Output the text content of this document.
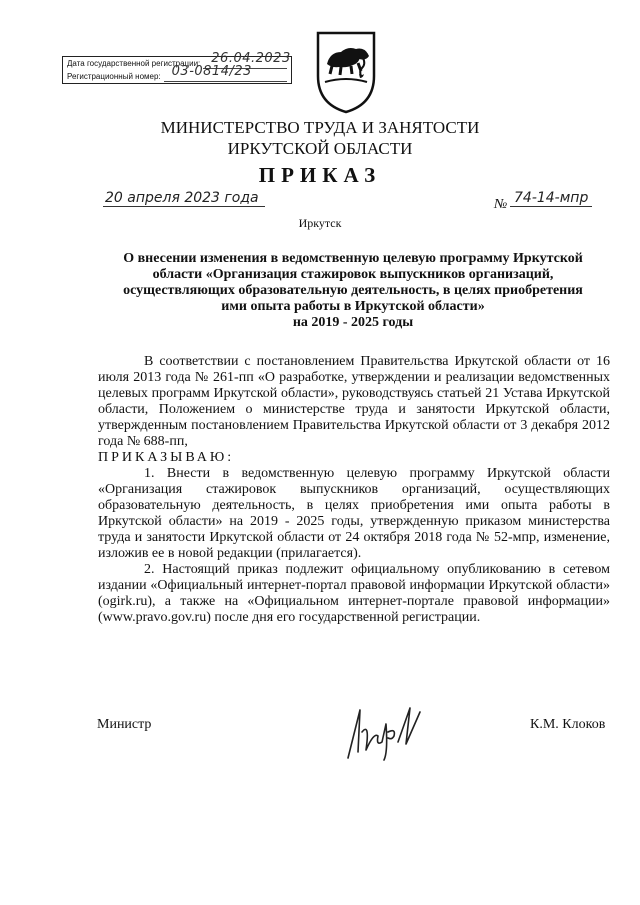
Дата государственной регистрации: 26.04.2023
Регистрационный номер: 03-0814/23
МИНИСТЕРСТВО ТРУДА И ЗАНЯТОСТИ
ИРКУТСКОЙ ОБЛАСТИ
ПРИКАЗ
20 апреля 2023 года	№ 74-14-мпр
Иркутск
О внесении изменения в ведомственную целевую программу Иркутской
области «Организация стажировок выпускников организаций,
осуществляющих образовательную деятельность, в целях приобретения
ими опыта работы в Иркутской области»
на 2019 - 2025 годы

В соответствии с постановлением Правительства Иркутской области от 16 июля 2013 года № 261-пп «О разработке, утверждении и реализации ведомственных целевых программ Иркутской области», руководствуясь статьей 21 Устава Иркутской области, Положением о министерстве труда и занятости Иркутской области, утвержденным постановлением Правительства Иркутской области от 3 декабря 2012 года № 688-пп,

ПРИКАЗЫВАЮ:

1. Внести в ведомственную целевую программу Иркутской области «Организация стажировок выпускников организаций, осуществляющих образовательную деятельность, в целях приобретения ими опыта работы в Иркутской области» на 2019 - 2025 годы, утвержденную приказом министерства труда и занятости Иркутской области от 24 октября 2018 года № 52-мпр, изменение, изложив ее в новой редакции (прилагается).

2. Настоящий приказ подлежит официальному опубликованию в сетевом издании «Официальный интернет-портал правовой информации Иркутской области» (ogirk.ru), а также на «Официальном интернет-портале правовой информации» (www.pravo.gov.ru) после дня его государственной регистрации.

Министр	К.М. Клоков
